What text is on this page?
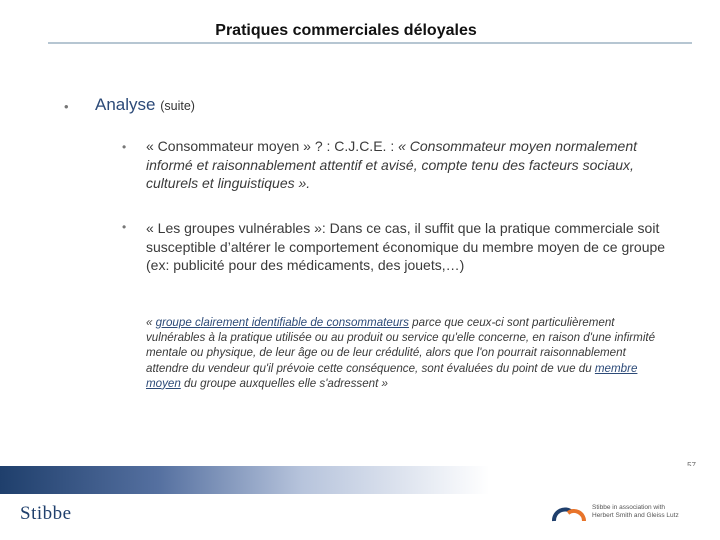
Pratiques commerciales déloyales
• Analyse (suite)
• « Consommateur moyen » ? : C.J.C.E. : « Consommateur moyen normalement informé et raisonnablement attentif et avisé, compte tenu des facteurs sociaux, culturels et linguistiques ».
• « Les groupes vulnérables »: Dans ce cas, il suffit que la pratique commerciale soit susceptible d’altérer le comportement économique du membre moyen de ce groupe (ex: publicité pour des médicaments, des jouets,…)
« groupe clairement identifiable de consommateurs parce que ceux-ci sont particulièrement vulnérables à la pratique utilisée ou au produit ou service qu'elle concerne, en raison d'une infirmité mentale ou physique, de leur âge ou de leur crédulité, alors que l'on pourrait raisonnablement attendre du vendeur qu'il prévoie cette conséquence, sont évaluées du point de vue du membre moyen du groupe auxquelles elle s'adressent »
Stibbe	Stibbe in association with
Herbert Smith and Gleiss Lutz
